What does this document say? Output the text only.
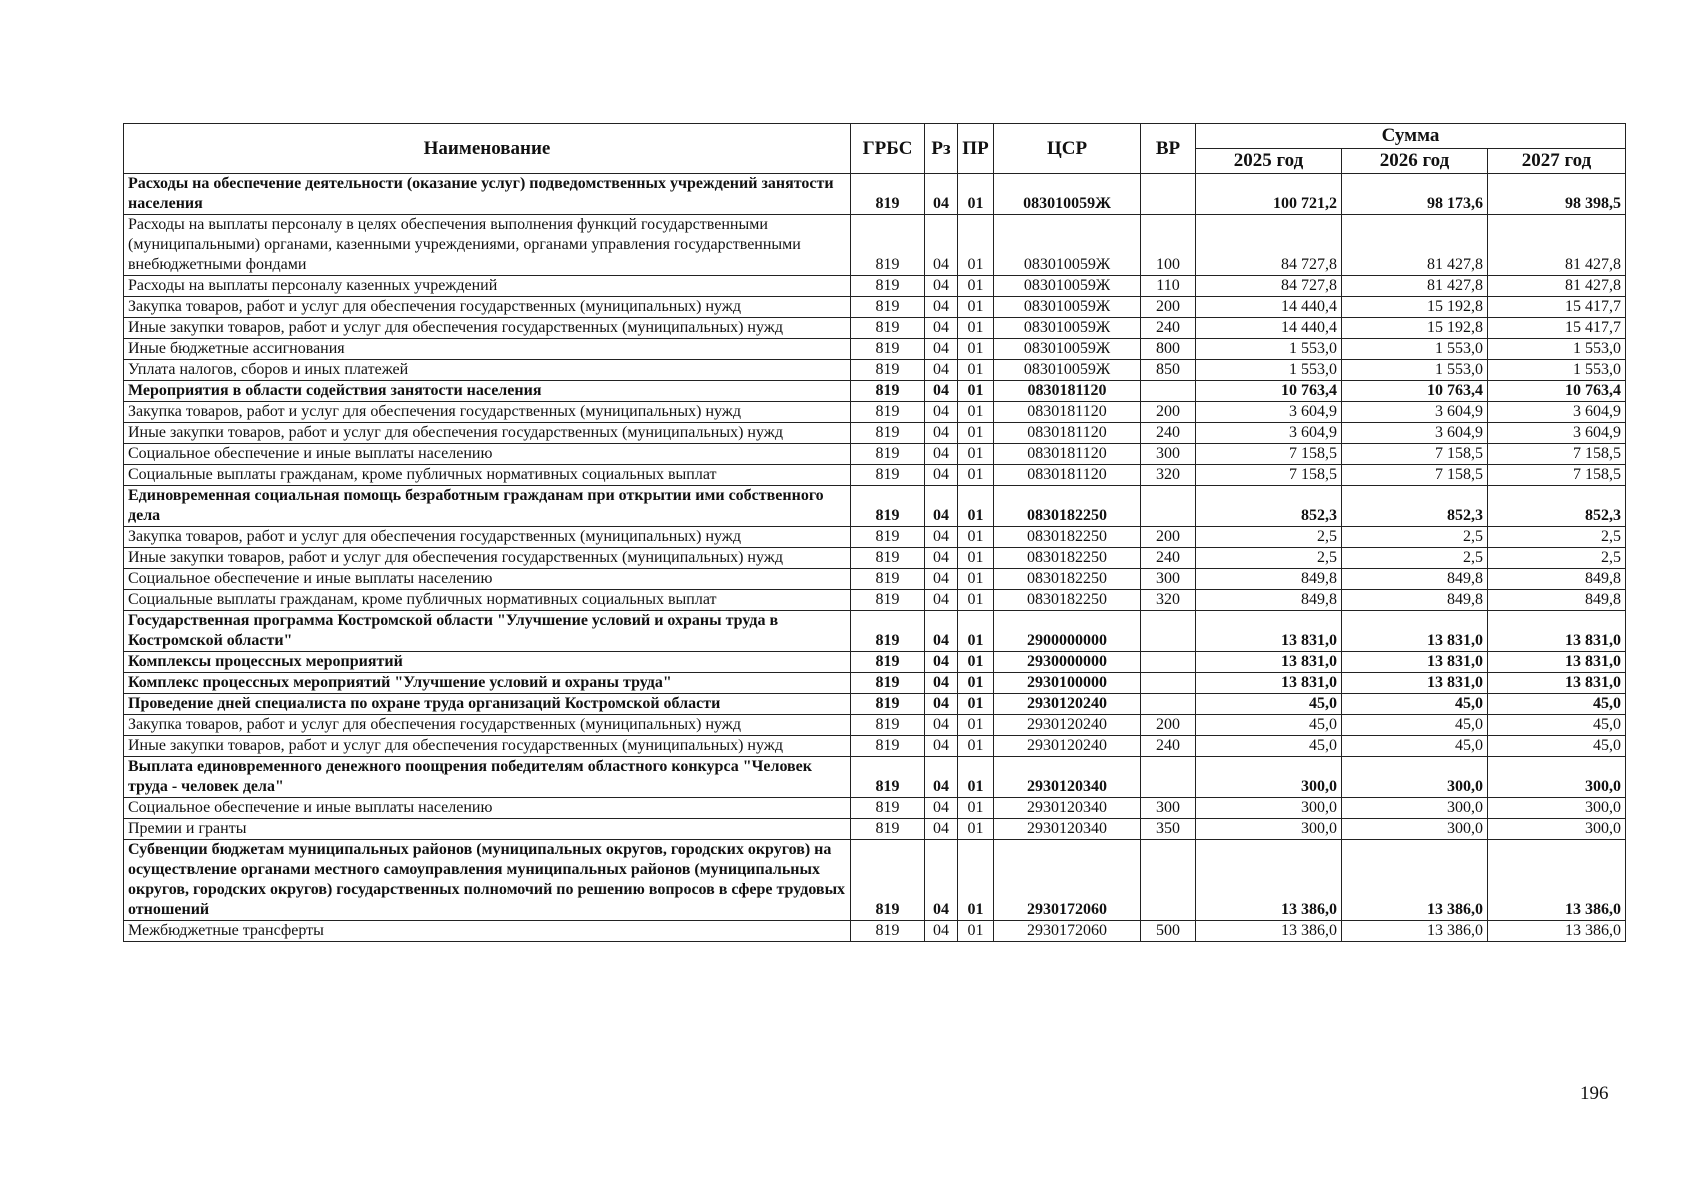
Наименование	ГРБС	Рз	ПР	ЦСР	ВР	Сумма		
						2025 год	2026 год	2027 год
Расходы на обеспечение деятельности (оказание услуг) подведомственных учреждений занятости населения	819	04	01	083010059Ж		100 721,2	98 173,6	98 398,5
Расходы на выплаты персоналу в целях обеспечения выполнения функций государственными (муниципальными) органами, казенными учреждениями, органами управления государственными внебюджетными фондами	819	04	01	083010059Ж	100	84 727,8	81 427,8	81 427,8
Расходы на выплаты персоналу казенных учреждений	819	04	01	083010059Ж	110	84 727,8	81 427,8	81 427,8
Закупка товаров, работ и услуг для обеспечения государственных (муниципальных) нужд	819	04	01	083010059Ж	200	14 440,4	15 192,8	15 417,7
Иные закупки товаров, работ и услуг для обеспечения государственных (муниципальных) нужд	819	04	01	083010059Ж	240	14 440,4	15 192,8	15 417,7
Иные бюджетные ассигнования	819	04	01	083010059Ж	800	1 553,0	1 553,0	1 553,0
Уплата налогов, сборов и иных платежей	819	04	01	083010059Ж	850	1 553,0	1 553,0	1 553,0
Мероприятия в области содействия занятости населения	819	04	01	0830181120		10 763,4	10 763,4	10 763,4
Закупка товаров, работ и услуг для обеспечения государственных (муниципальных) нужд	819	04	01	0830181120	200	3 604,9	3 604,9	3 604,9
Иные закупки товаров, работ и услуг для обеспечения государственных (муниципальных) нужд	819	04	01	0830181120	240	3 604,9	3 604,9	3 604,9
Социальное обеспечение и иные выплаты населению	819	04	01	0830181120	300	7 158,5	7 158,5	7 158,5
Социальные выплаты гражданам, кроме публичных нормативных социальных выплат	819	04	01	0830181120	320	7 158,5	7 158,5	7 158,5
Единовременная социальная помощь безработным гражданам при открытии ими собственного дела	819	04	01	0830182250		852,3	852,3	852,3
Закупка товаров, работ и услуг для обеспечения государственных (муниципальных) нужд	819	04	01	0830182250	200	2,5	2,5	2,5
Иные закупки товаров, работ и услуг для обеспечения государственных (муниципальных) нужд	819	04	01	0830182250	240	2,5	2,5	2,5
Социальное обеспечение и иные выплаты населению	819	04	01	0830182250	300	849,8	849,8	849,8
Социальные выплаты гражданам, кроме публичных нормативных социальных выплат	819	04	01	0830182250	320	849,8	849,8	849,8
Государственная программа Костромской области "Улучшение условий и охраны труда в Костромской области"	819	04	01	2900000000		13 831,0	13 831,0	13 831,0
Комплексы процессных мероприятий	819	04	01	2930000000		13 831,0	13 831,0	13 831,0
Комплекс процессных мероприятий "Улучшение условий и охраны труда"	819	04	01	2930100000		13 831,0	13 831,0	13 831,0
Проведение дней специалиста по охране труда организаций Костромской области	819	04	01	2930120240		45,0	45,0	45,0
Закупка товаров, работ и услуг для обеспечения государственных (муниципальных) нужд	819	04	01	2930120240	200	45,0	45,0	45,0
Иные закупки товаров, работ и услуг для обеспечения государственных (муниципальных) нужд	819	04	01	2930120240	240	45,0	45,0	45,0
Выплата единовременного денежного поощрения победителям областного конкурса "Человек труда - человек дела"	819	04	01	2930120340		300,0	300,0	300,0
Социальное обеспечение и иные выплаты населению	819	04	01	2930120340	300	300,0	300,0	300,0
Премии и гранты	819	04	01	2930120340	350	300,0	300,0	300,0
Субвенции бюджетам муниципальных районов (муниципальных округов, городских округов) на осуществление органами местного самоуправления муниципальных районов (муниципальных округов, городских округов) государственных полномочий по решению вопросов в сфере трудовых отношений	819	04	01	2930172060		13 386,0	13 386,0	13 386,0
Межбюджетные трансферты	819	04	01	2930172060	500	13 386,0	13 386,0	13 386,0
196
